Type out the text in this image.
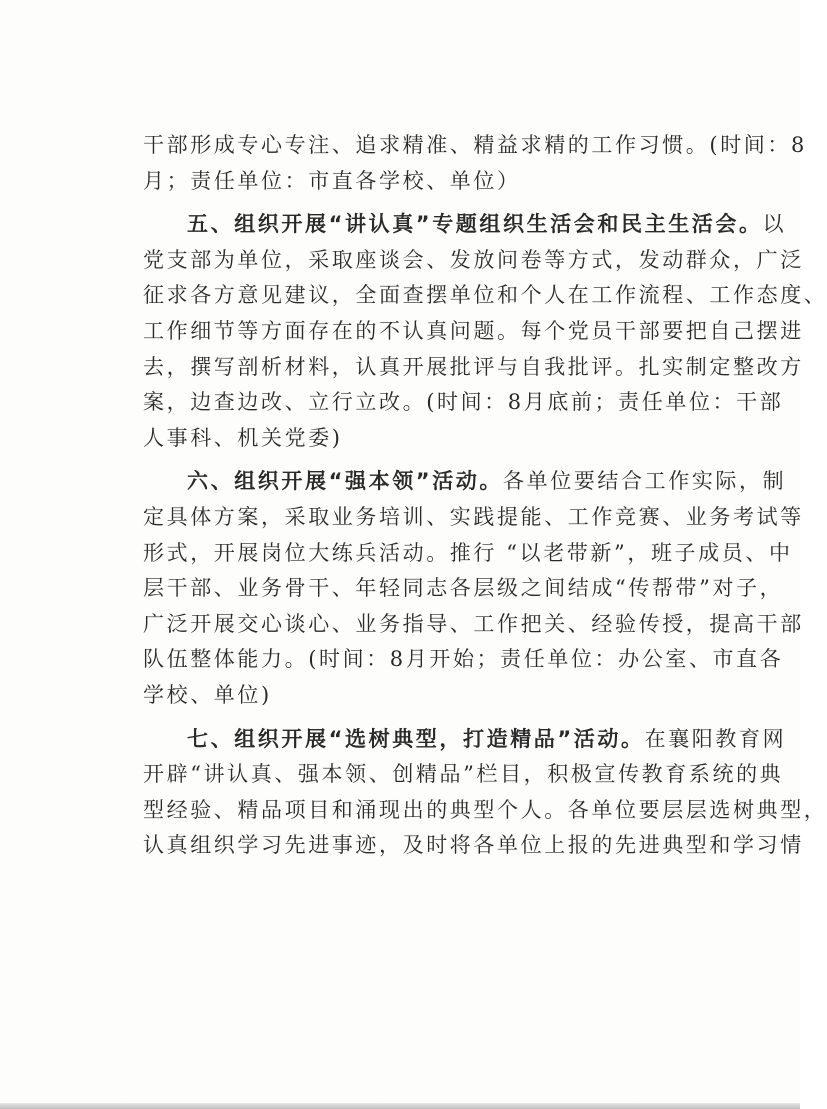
干部形成专心专注、追求精准、精益求精的工作习惯。(时间：8
月；责任单位：市直各学校、单位）
五、组织开展“讲认真”专题组织生活会和民主生活会。以
党支部为单位，采取座谈会、发放问卷等方式，发动群众，广泛
征求各方意见建议，全面查摆单位和个人在工作流程、工作态度、
工作细节等方面存在的不认真问题。每个党员干部要把自己摆进
去，撰写剖析材料，认真开展批评与自我批评。扎实制定整改方
案，边查边改、立行立改。(时间：8月底前；责任单位：干部
人事科、机关党委)
六、组织开展“强本领”活动。各单位要结合工作实际，制
定具体方案，采取业务培训、实践提能、工作竞赛、业务考试等
形式，开展岗位大练兵活动。推行 “以老带新”，班子成员、中
层干部、业务骨干、年轻同志各层级之间结成“传帮带”对子，
广泛开展交心谈心、业务指导、工作把关、经验传授，提高干部
队伍整体能力。(时间：8月开始；责任单位：办公室、市直各
学校、单位)
七、组织开展“选树典型，打造精品”活动。在襄阳教育网
开辟“讲认真、强本领、创精品”栏目，积极宣传教育系统的典
型经验、精品项目和涌现出的典型个人。各单位要层层选树典型，
认真组织学习先进事迹，及时将各单位上报的先进典型和学习情
